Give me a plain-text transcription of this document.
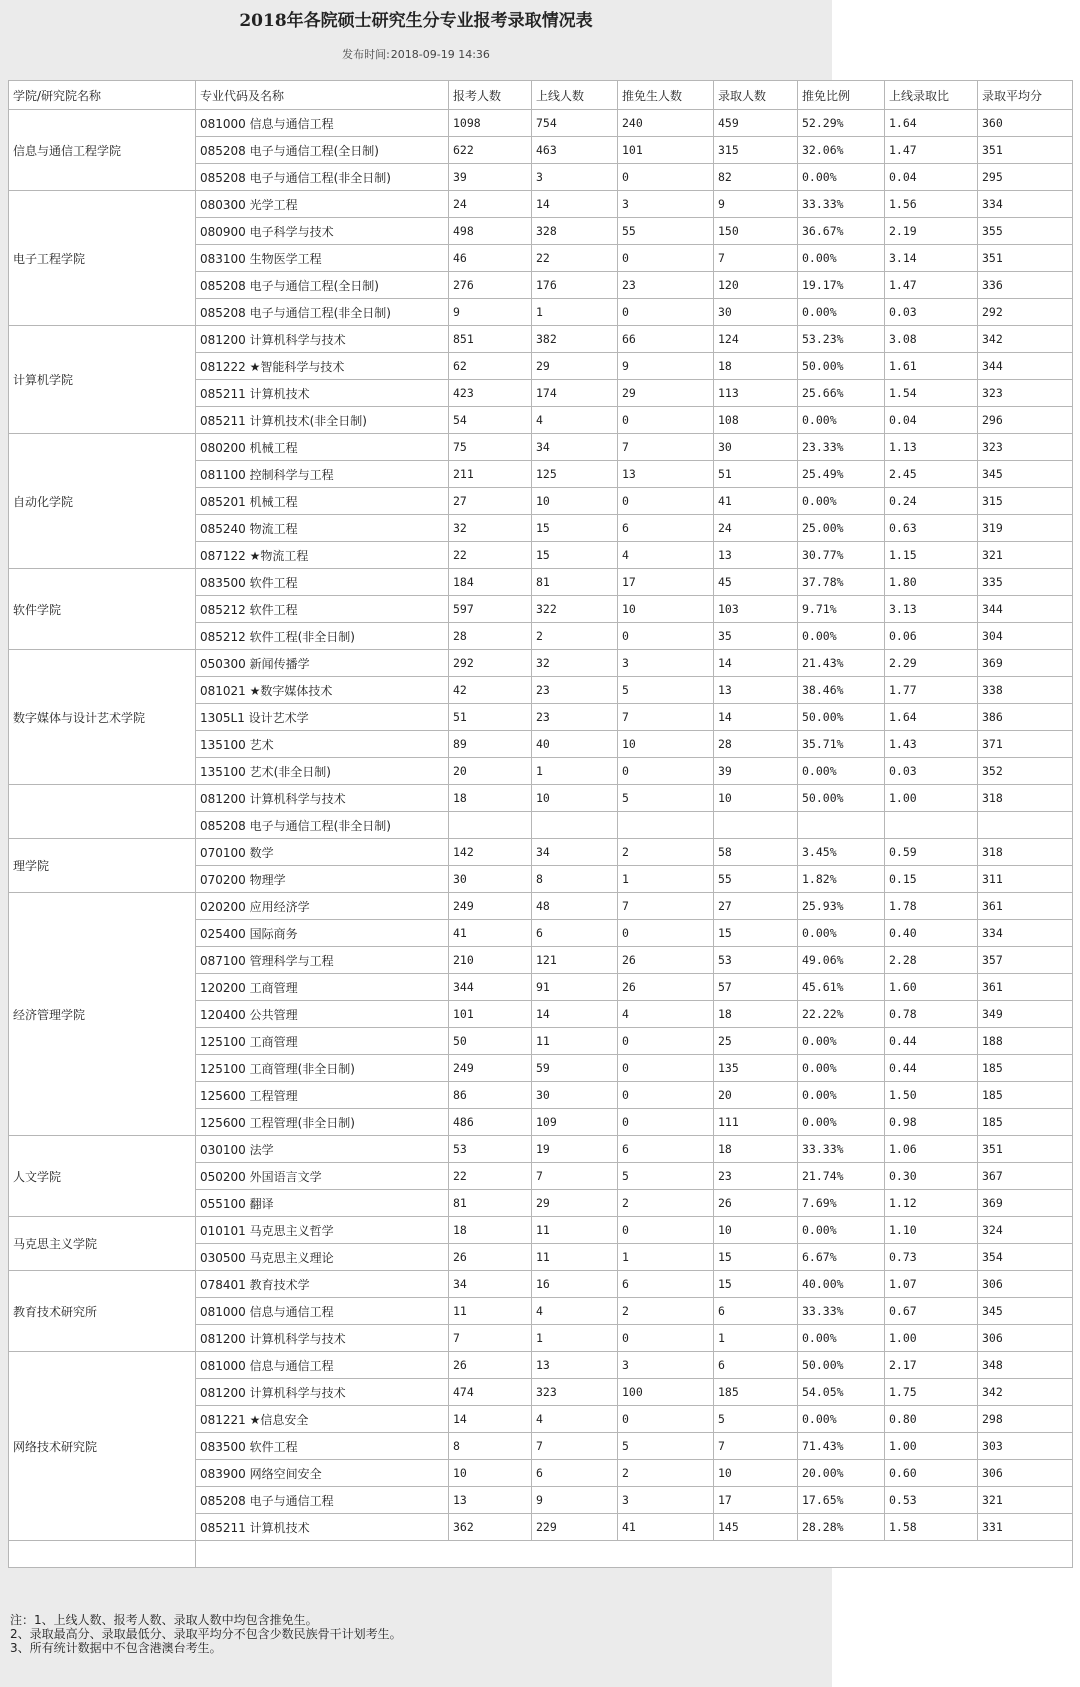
2018年各院硕士研究生分专业报考录取情况表
发布时间:2018-09-19 14:36
学院/研究院名称	专业代码及名称	报考人数	上线人数	推免生人数	录取人数	推免比例	上线录取比	录取平均分
信息与通信工程学院	081000 信息与通信工程	1098	754	240	459	52.29%	1.64	360
	085208 电子与通信工程(全日制)	622	463	101	315	32.06%	1.47	351
	085208 电子与通信工程(非全日制)	39	3	0	82	0.00%	0.04	295
电子工程学院	080300 光学工程	24	14	3	9	33.33%	1.56	334
	080900 电子科学与技术	498	328	55	150	36.67%	2.19	355
	083100 生物医学工程	46	22	0	7	0.00%	3.14	351
	085208 电子与通信工程(全日制)	276	176	23	120	19.17%	1.47	336
	085208 电子与通信工程(非全日制)	9	1	0	30	0.00%	0.03	292
计算机学院	081200 计算机科学与技术	851	382	66	124	53.23%	3.08	342
	081222 ★智能科学与技术	62	29	9	18	50.00%	1.61	344
	085211 计算机技术	423	174	29	113	25.66%	1.54	323
	085211 计算机技术(非全日制)	54	4	0	108	0.00%	0.04	296
自动化学院	080200 机械工程	75	34	7	30	23.33%	1.13	323
	081100 控制科学与工程	211	125	13	51	25.49%	2.45	345
	085201 机械工程	27	10	0	41	0.00%	0.24	315
	085240 物流工程	32	15	6	24	25.00%	0.63	319
	087122 ★物流工程	22	15	4	13	30.77%	1.15	321
软件学院	083500 软件工程	184	81	17	45	37.78%	1.80	335
	085212 软件工程	597	322	10	103	9.71%	3.13	344
	085212 软件工程(非全日制)	28	2	0	35	0.00%	0.06	304
数字媒体与设计艺术学院	050300 新闻传播学	292	32	3	14	21.43%	2.29	369
	081021 ★数字媒体技术	42	23	5	13	38.46%	1.77	338
	1305L1 设计艺术学	51	23	7	14	50.00%	1.64	386
	135100 艺术	89	40	10	28	35.71%	1.43	371
	135100 艺术(非全日制)	20	1	0	39	0.00%	0.03	352
	081200 计算机科学与技术	18	10	5	10	50.00%	1.00	318
	085208 电子与通信工程(非全日制)							
理学院	070100 数学	142	34	2	58	3.45%	0.59	318
	070200 物理学	30	8	1	55	1.82%	0.15	311
经济管理学院	020200 应用经济学	249	48	7	27	25.93%	1.78	361
	025400 国际商务	41	6	0	15	0.00%	0.40	334
	087100 管理科学与工程	210	121	26	53	49.06%	2.28	357
	120200 工商管理	344	91	26	57	45.61%	1.60	361
	120400 公共管理	101	14	4	18	22.22%	0.78	349
	125100 工商管理	50	11	0	25	0.00%	0.44	188
	125100 工商管理(非全日制)	249	59	0	135	0.00%	0.44	185
	125600 工程管理	86	30	0	20	0.00%	1.50	185
	125600 工程管理(非全日制)	486	109	0	111	0.00%	0.98	185
人文学院	030100 法学	53	19	6	18	33.33%	1.06	351
	050200 外国语言文学	22	7	5	23	21.74%	0.30	367
	055100 翻译	81	29	2	26	7.69%	1.12	369
马克思主义学院	010101 马克思主义哲学	18	11	0	10	0.00%	1.10	324
	030500 马克思主义理论	26	11	1	15	6.67%	0.73	354
教育技术研究所	078401 教育技术学	34	16	6	15	40.00%	1.07	306
	081000 信息与通信工程	11	4	2	6	33.33%	0.67	345
	081200 计算机科学与技术	7	1	0	1	0.00%	1.00	306
网络技术研究院	081000 信息与通信工程	26	13	3	6	50.00%	2.17	348
	081200 计算机科学与技术	474	323	100	185	54.05%	1.75	342
	081221 ★信息安全	14	4	0	5	0.00%	0.80	298
	083500 软件工程	8	7	5	7	71.43%	1.00	303
	083900 网络空间安全	10	6	2	10	20.00%	0.60	306
	085208 电子与通信工程	13	9	3	17	17.65%	0.53	321
	085211 计算机技术	362	229	41	145	28.28%	1.58	331

注：1、上线人数、报考人数、录取人数中均包含推免生。
2、录取最高分、录取最低分、录取平均分不包含少数民族骨干计划考生。
3、所有统计数据中不包含港澳台考生。
